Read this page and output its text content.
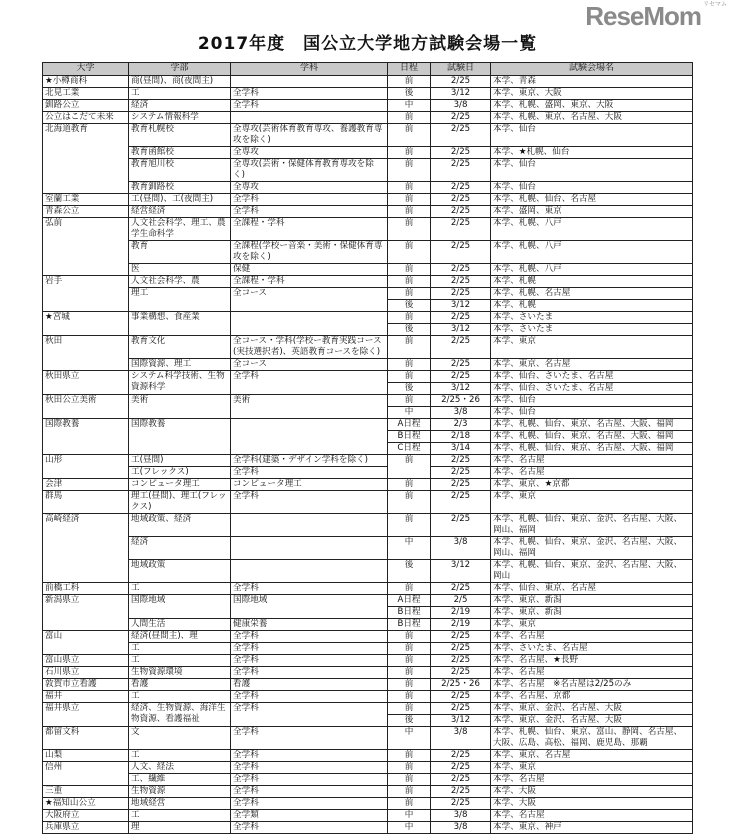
2017年度　国公立大学地方試験会場一覧
大学	学部	学科	日程	試験日	試験会場名
★小樽商科	商(昼間)、商(夜間主)		前	2/25	本学、青森
北見工業	工	全学科	後	3/12	本学、東京、大阪
釧路公立	経済	全学科	中	3/8	本学、札幌、盛岡、東京、大阪
公立はこだて未来	システム情報科学		前	2/25	本学、札幌、東京、名古屋、大阪
北海道教育	教育札幌校	全専攻(芸術体育教育専攻、養護教育専攻を除く)	前	2/25	本学、仙台
	教育函館校	全専攻	前	2/25	本学、★札幌、仙台
	教育旭川校	全専攻(芸術・保健体育教育専攻を除く)	前	2/25	本学、仙台
	教育釧路校	全専攻	前	2/25	本学、仙台
室蘭工業	工(昼間)、工(夜間主)	全学科	前	2/25	本学、札幌、仙台、名古屋
青森公立	経営経済	全学科	前	2/25	本学、盛岡、東京
弘前	人文社会科学、理工、農学生命科学	全課程・学科	前	2/25	本学、札幌、八戸
	教育	全課程(学校ー音楽・美術・保健体育専攻を除く)	前	2/25	本学、札幌、八戸
	医	保健	前	2/25	本学、札幌、八戸
岩手	人文社会科学、農	全課程・学科	前	2/25	本学、札幌
	理工	全コース	前	2/25	本学、札幌、名古屋
			後	3/12	本学、札幌
★宮城	事業構想、食産業		前	2/25	本学、さいたま
			後	3/12	本学、さいたま
秋田	教育文化	全コース・学科(学校ー教育実践コース(実技選択者)、英語教育コースを除く)	前	2/25	本学、東京
	国際資源、理工	全コース	前	2/25	本学、東京、名古屋
秋田県立	システム科学技術、生物資源科学	全学科	前	2/25	本学、仙台、さいたま、名古屋
			後	3/12	本学、仙台、さいたま、名古屋
秋田公立美術	美術	美術	前	2/25・26	本学、仙台
			中	3/8	本学、仙台
国際教養	国際教養		A日程	2/3	本学、札幌、仙台、東京、名古屋、大阪、福岡
			B日程	2/18	本学、札幌、仙台、東京、名古屋、大阪、福岡
			C日程	3/14	本学、札幌、仙台、東京、名古屋、大阪、福岡
山形	工(昼間)	全学科(建築・デザイン学科を除く)	前	2/25	本学、名古屋
	工(フレックス)	全学科		2/25	本学、名古屋
会津	コンピュータ理工	コンピュータ理工	前	2/25	本学、東京、★京都
群馬	理工(昼間)、理工(フレックス)	全学科	前	2/25	本学、東京
高崎経済	地域政策、経済		前	2/25	本学、札幌、仙台、東京、金沢、名古屋、大阪、岡山、福岡
	経済		中	3/8	本学、札幌、仙台、東京、金沢、名古屋、大阪、岡山、福岡
	地域政策		後	3/12	本学、札幌、仙台、東京、金沢、名古屋、大阪、岡山
前橋工科	工	全学科	前	2/25	本学、仙台、東京、名古屋
新潟県立	国際地域	国際地域	A日程	2/5	本学、東京、新潟
			B日程	2/19	本学、東京、新潟
	人間生活	健康栄養	B日程	2/19	本学、東京
富山	経済(昼間主)、理	全学科	前	2/25	本学、名古屋
	工	全学科	前	2/25	本学、さいたま、名古屋
富山県立	工	全学科	前	2/25	本学、名古屋、★長野
石川県立	生物資源環境	全学科	前	2/25	本学、名古屋
敦賀市立看護	看護	看護	前	2/25・26	本学、名古屋　※名古屋は2/25のみ
福井	工	全学科	前	2/25	本学、名古屋、京都
福井県立	経済、生物資源、海洋生物資源、看護福祉	全学科	前	2/25	本学、東京、金沢、名古屋、大阪
			後	3/12	本学、東京、金沢、名古屋、大阪
都留文科	文	全学科	中	3/8	本学、札幌、仙台、東京、富山、静岡、名古屋、大阪、広島、高松、福岡、鹿児島、那覇
山梨	工	全学科	前	2/25	本学、東京、名古屋
信州	人文、経法	全学科	前	2/25	本学、東京
	工、繊維	全学科	前	2/25	本学、名古屋
三重	生物資源	全学科	前	2/25	本学、大阪
★福知山公立	地域経営	全学科	前	2/25	本学、大阪
大阪府立	工	全学類	中	3/8	本学、名古屋
兵庫県立	理	全学科	中	3/8	本学、東京、神戸
ReseMom リセマム
